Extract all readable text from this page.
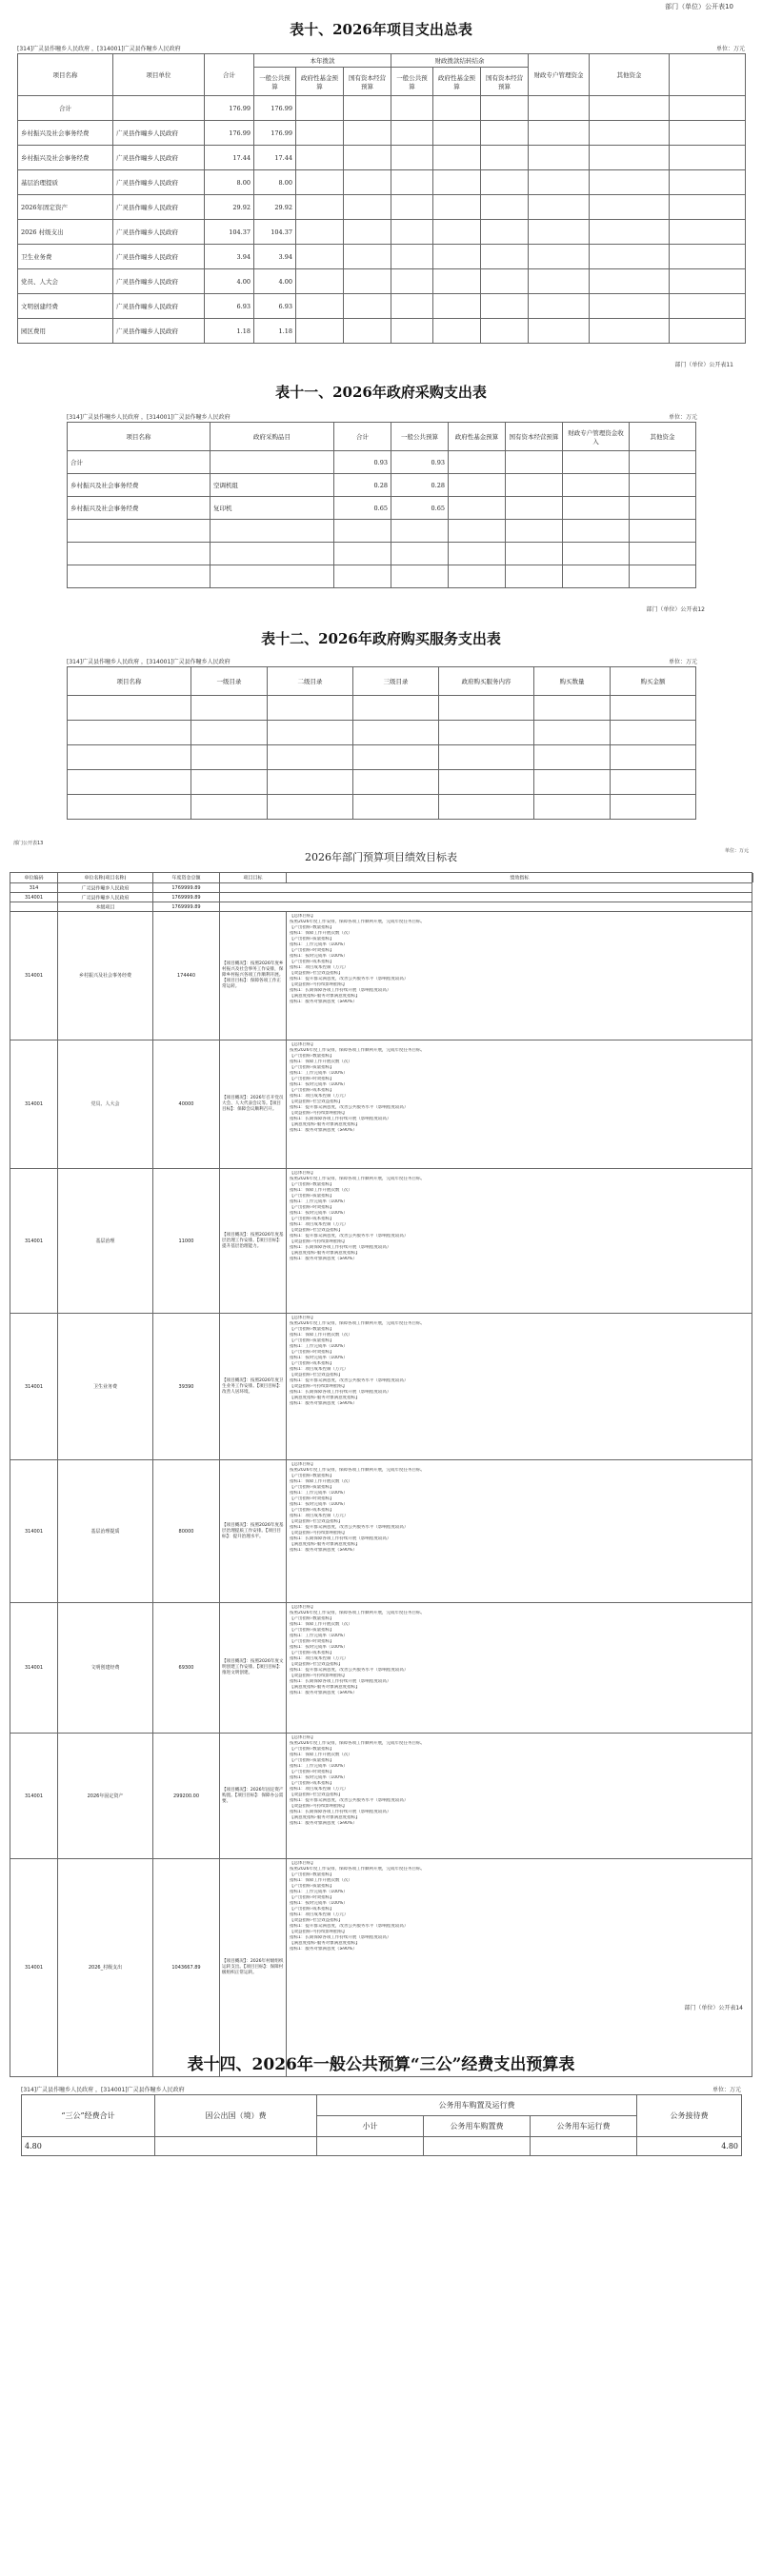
部门（单位）公开表10
表十、2026年项目支出总表
[314]广灵县作疃乡人民政府 ，[314001]广灵县作疃乡人民政府	单位：万元
项目名称	项目单位	合计	本年拨款			财政拨款结转结余			财政专户管理资金	其他资金	
			一般公共预算	政府性基金预算	国有资本经营预算	一般公共预算	政府性基金预算	国有资本经营预算			
合计		176.99	176.99								
乡村振兴及社会事务经费	广灵县作疃乡人民政府	176.99	176.99								
乡村振兴及社会事务经费	广灵县作疃乡人民政府	17.44	17.44								
基层治理提质	广灵县作疃乡人民政府	8.00	8.00								
2026年固定资产	广灵县作疃乡人民政府	29.92	29.92								
2026 村级支出	广灵县作疃乡人民政府	104.37	104.37								
卫生业务费	广灵县作疃乡人民政府	3.94	3.94								
党员、人大会	广灵县作疃乡人民政府	4.00	4.00								
文明创建经费	广灵县作疃乡人民政府	6.93	6.93								
园区费用	广灵县作疃乡人民政府	1.18	1.18								
部门（单位）公开表11
表十一、2026年政府采购支出表
[314]广灵县作疃乡人民政府 ，[314001]广灵县作疃乡人民政府	单位：万元
项目名称	政府采购品目	合计	一般公共预算	政府性基金预算	国有资本经营预算	财政专户管理资金收入	其他资金
合计		0.93	0.93				
乡村振兴及社会事务经费	空调机组	0.28	0.28				
乡村振兴及社会事务经费	复印机	0.65	0.65				

部门（单位）公开表12
表十二、2026年政府购买服务支出表
[314]广灵县作疃乡人民政府 ，[314001]广灵县作疃乡人民政府	单位：万元
项目名称	一级目录	二级目录	三级目录	政府购买服务内容	购买数量	购买金额

部门公开表13
单位：万元
2026年部门预算项目绩效目标表
单位编码	单位名称(项目名称)	年度资金总额	项目目标	绩效指标
314	广灵县作疃乡人民政府	1769999.89
314001	广灵县作疃乡人民政府	1769999.89
本级项目	1769999.89
314001	乡村振兴及社会事务经费	174440
【项目概况】：按照2026年度乡村振兴及社会事务工作安排，保障乡村振兴各项工作顺利开展。【项目目标】：保障各项工作正常运转。
【总体目标】
按照2026年度工作安排，保障各项工作顺利开展，完成年度任务目标。
【产出指标-数量指标】
指标1：保障工作开展次数（次）
【产出指标-质量指标】
指标1：工作完成率（100%）
【产出指标-时效指标】
指标1：按时完成率（100%）
【产出指标-成本指标】
指标1：项目成本控制（万元）
【效益指标-社会效益指标】
指标1：提升群众满意度，改善公共服务水平（影响程度较高）
【效益指标-可持续影响指标】
指标1：长期保障各项工作持续开展（影响程度较高）
【满意度指标-服务对象满意度指标】
指标1：服务对象满意度（≥90%）
314001	党员、人大会	40000
【项目概况】：2026年召开党员大会、人大代表会议等。【项目目标】：保障会议顺利召开。
【总体目标】
按照2026年度工作安排，保障各项工作顺利开展，完成年度任务目标。
【产出指标-数量指标】
指标1：保障工作开展次数（次）
【产出指标-质量指标】
指标1：工作完成率（100%）
【产出指标-时效指标】
指标1：按时完成率（100%）
【产出指标-成本指标】
指标1：项目成本控制（万元）
【效益指标-社会效益指标】
指标1：提升群众满意度，改善公共服务水平（影响程度较高）
【效益指标-可持续影响指标】
指标1：长期保障各项工作持续开展（影响程度较高）
【满意度指标-服务对象满意度指标】
指标1：服务对象满意度（≥90%）
314001	基层治理	11000
【项目概况】：按照2026年度基层治理工作安排。【项目目标】：提升基层治理能力。
【总体目标】
按照2026年度工作安排，保障各项工作顺利开展，完成年度任务目标。
【产出指标-数量指标】
指标1：保障工作开展次数（次）
【产出指标-质量指标】
指标1：工作完成率（100%）
【产出指标-时效指标】
指标1：按时完成率（100%）
【产出指标-成本指标】
指标1：项目成本控制（万元）
【效益指标-社会效益指标】
指标1：提升群众满意度，改善公共服务水平（影响程度较高）
【效益指标-可持续影响指标】
指标1：长期保障各项工作持续开展（影响程度较高）
【满意度指标-服务对象满意度指标】
指标1：服务对象满意度（≥90%）
314001	卫生业务费	39390
【项目概况】：按照2026年度卫生业务工作安排。【项目目标】：改善人居环境。
【总体目标】
按照2026年度工作安排，保障各项工作顺利开展，完成年度任务目标。
【产出指标-数量指标】
指标1：保障工作开展次数（次）
【产出指标-质量指标】
指标1：工作完成率（100%）
【产出指标-时效指标】
指标1：按时完成率（100%）
【产出指标-成本指标】
指标1：项目成本控制（万元）
【效益指标-社会效益指标】
指标1：提升群众满意度，改善公共服务水平（影响程度较高）
【效益指标-可持续影响指标】
指标1：长期保障各项工作持续开展（影响程度较高）
【满意度指标-服务对象满意度指标】
指标1：服务对象满意度（≥90%）
314001	基层治理提质	80000
【项目概况】：按照2026年度基层治理提质工作安排。【项目目标】：提升治理水平。
【总体目标】
按照2026年度工作安排，保障各项工作顺利开展，完成年度任务目标。
【产出指标-数量指标】
指标1：保障工作开展次数（次）
【产出指标-质量指标】
指标1：工作完成率（100%）
【产出指标-时效指标】
指标1：按时完成率（100%）
【产出指标-成本指标】
指标1：项目成本控制（万元）
【效益指标-社会效益指标】
指标1：提升群众满意度，改善公共服务水平（影响程度较高）
【效益指标-可持续影响指标】
指标1：长期保障各项工作持续开展（影响程度较高）
【满意度指标-服务对象满意度指标】
指标1：服务对象满意度（≥90%）
314001	文明创建经费	69300
【项目概况】：按照2026年度文明创建工作安排。【项目目标】：推进文明创建。
【总体目标】
按照2026年度工作安排，保障各项工作顺利开展，完成年度任务目标。
【产出指标-数量指标】
指标1：保障工作开展次数（次）
【产出指标-质量指标】
指标1：工作完成率（100%）
【产出指标-时效指标】
指标1：按时完成率（100%）
【产出指标-成本指标】
指标1：项目成本控制（万元）
【效益指标-社会效益指标】
指标1：提升群众满意度，改善公共服务水平（影响程度较高）
【效益指标-可持续影响指标】
指标1：长期保障各项工作持续开展（影响程度较高）
【满意度指标-服务对象满意度指标】
指标1：服务对象满意度（≥90%）
314001	2026年固定资产	299200.00
【项目概况】：2026年固定资产购置。【项目目标】：保障办公需要。
【总体目标】
按照2026年度工作安排，保障各项工作顺利开展，完成年度任务目标。
【产出指标-数量指标】
指标1：保障工作开展次数（次）
【产出指标-质量指标】
指标1：工作完成率（100%）
【产出指标-时效指标】
指标1：按时完成率（100%）
【产出指标-成本指标】
指标1：项目成本控制（万元）
【效益指标-社会效益指标】
指标1：提升群众满意度，改善公共服务水平（影响程度较高）
【效益指标-可持续影响指标】
指标1：长期保障各项工作持续开展（影响程度较高）
【满意度指标-服务对象满意度指标】
指标1：服务对象满意度（≥90%）
314001	2026_村级支出	1043667.89
【项目概况】：2026年村级组织运转支出。【项目目标】：保障村级组织正常运转。
【总体目标】
按照2026年度工作安排，保障各项工作顺利开展，完成年度任务目标。
【产出指标-数量指标】
指标1：保障工作开展次数（次）
【产出指标-质量指标】
指标1：工作完成率（100%）
【产出指标-时效指标】
指标1：按时完成率（100%）
【产出指标-成本指标】
指标1：项目成本控制（万元）
【效益指标-社会效益指标】
指标1：提升群众满意度，改善公共服务水平（影响程度较高）
【效益指标-可持续影响指标】
指标1：长期保障各项工作持续开展（影响程度较高）
【满意度指标-服务对象满意度指标】
指标1：服务对象满意度（≥90%）
部门（单位）公开表14
表十四、2026年一般公共预算“三公”经费支出预算表
[314]广灵县作疃乡人民政府 ，[314001]广灵县作疃乡人民政府	单位：万元
“三公”经费合计	因公出国（境）费	公务用车购置及运行费			公务接待费
		小计	公务用车购置费	公务用车运行费	
4.80					4.80
